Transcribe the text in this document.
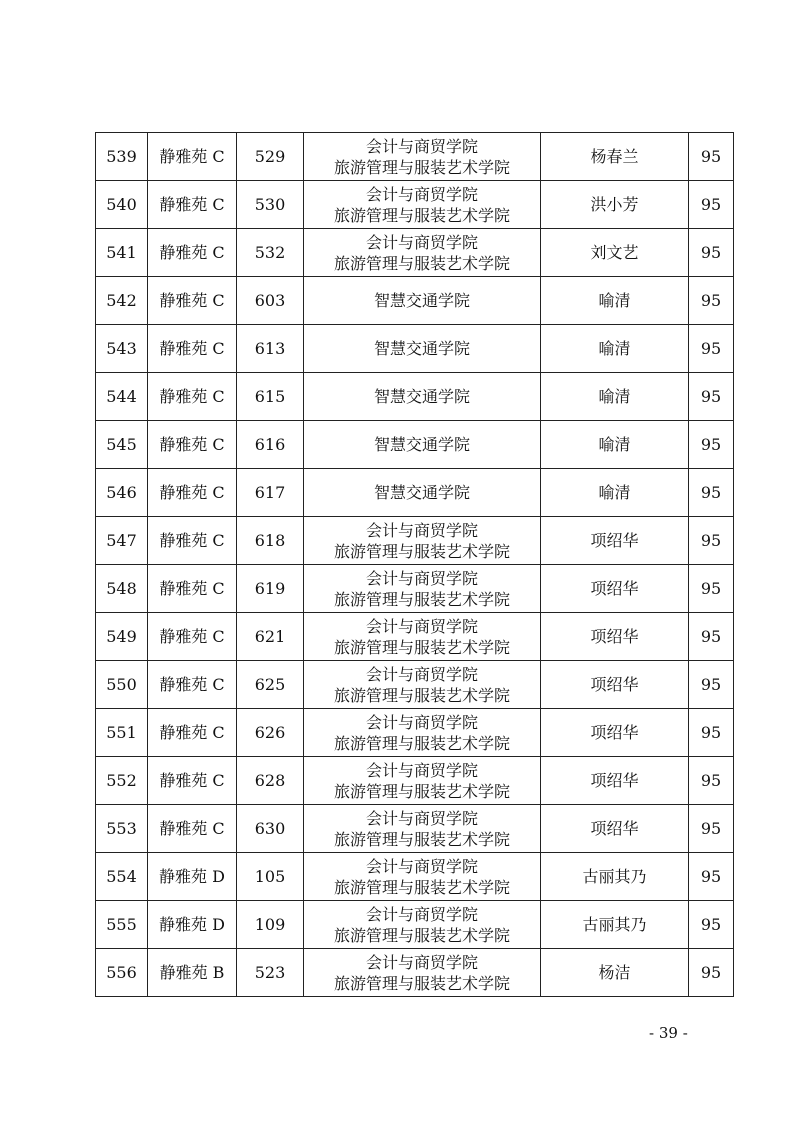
539	静雅苑 C	529	会计与商贸学院
旅游管理与服装艺术学院	杨春兰	95
540	静雅苑 C	530	会计与商贸学院
旅游管理与服装艺术学院	洪小芳	95
541	静雅苑 C	532	会计与商贸学院
旅游管理与服装艺术学院	刘文艺	95
542	静雅苑 C	603	智慧交通学院	喻清	95
543	静雅苑 C	613	智慧交通学院	喻清	95
544	静雅苑 C	615	智慧交通学院	喻清	95
545	静雅苑 C	616	智慧交通学院	喻清	95
546	静雅苑 C	617	智慧交通学院	喻清	95
547	静雅苑 C	618	会计与商贸学院
旅游管理与服装艺术学院	项绍华	95
548	静雅苑 C	619	会计与商贸学院
旅游管理与服装艺术学院	项绍华	95
549	静雅苑 C	621	会计与商贸学院
旅游管理与服装艺术学院	项绍华	95
550	静雅苑 C	625	会计与商贸学院
旅游管理与服装艺术学院	项绍华	95
551	静雅苑 C	626	会计与商贸学院
旅游管理与服装艺术学院	项绍华	95
552	静雅苑 C	628	会计与商贸学院
旅游管理与服装艺术学院	项绍华	95
553	静雅苑 C	630	会计与商贸学院
旅游管理与服装艺术学院	项绍华	95
554	静雅苑 D	105	会计与商贸学院
旅游管理与服装艺术学院	古丽其乃	95
555	静雅苑 D	109	会计与商贸学院
旅游管理与服装艺术学院	古丽其乃	95
556	静雅苑 B	523	会计与商贸学院
旅游管理与服装艺术学院	杨洁	95
- 39 -
